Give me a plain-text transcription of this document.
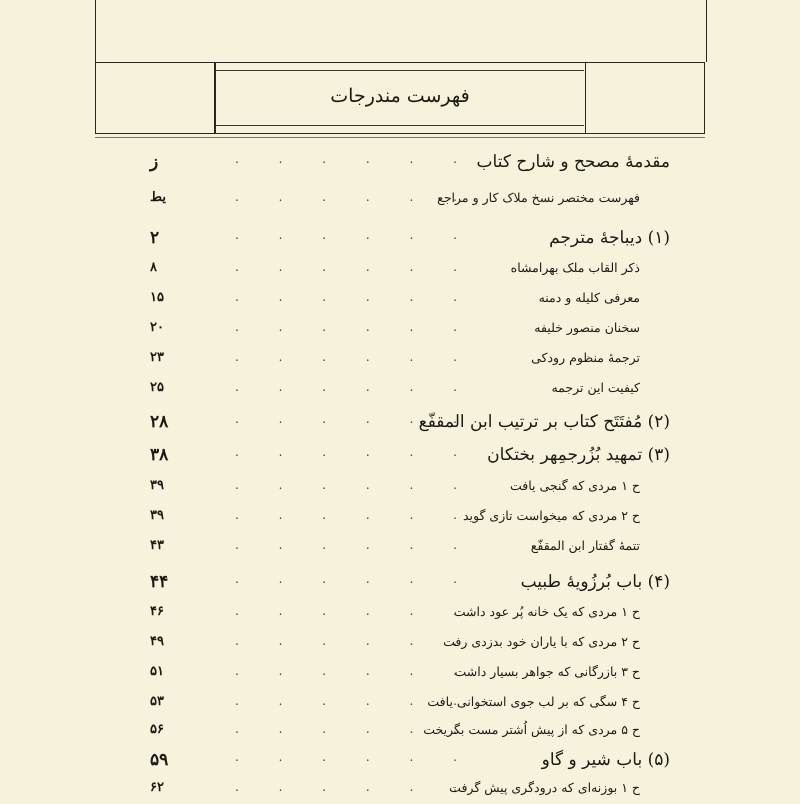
فهرست مندرجات
مقدمهٔ مصحح و شارح کتاب
. . . . . .
ز
فهرست مختصر نسخ ملاک کار و مراجع
. . . . . .
یط
(۱) دیباجهٔ مترجم
. . . . . .
۲
ذکر القاب ملک بهرامشاه
. . . . . .
۸
معرفی کلیله و دمنه
. . . . . .
۱۵
سخنان منصور خلیفه
. . . . . .
۲۰
ترجمهٔ منظوم رودکی
. . . . . .
۲۳
کیفیت این ترجمه
. . . . . .
۲۵
(۲) مُفتَتَح کتاب بر ترتیب ابن المقفّع
. . . . . .
۲۸
(۳) تمهید بُزُرجمِهر بختکان
. . . . . .
۳۸
ح ۱ مردی که گنجی یافت
. . . . . .
۳۹
ح ۲ مردی که میخواست تازی گوید
. . . . . .
۳۹
تتمهٔ گفتار ابن المقفّع
. . . . . .
۴۳
(۴) باب بُرزُویهٔ طبیب
. . . . . .
۴۴
ح ۱ مردی که یک خانه پُر عود داشت
. . . . . .
۴۶
ح ۲ مردی که با یاران خود بدزدی رفت
. . . . . .
۴۹
ح ۳ بازرگانی که جواهر بسیار داشت
. . . . . .
۵۱
ح ۴ سگی که بر لب جوی استخوانی یافت
. . . . . .
۵۳
ح ۵ مردی که از پیش اُشتر مست بگریخت
. . . . . .
۵۶
(۵) باب شیر و گاو
. . . . . .
۵۹
ح ۱ بوزنه‌ای که درودگری پیش گرفت
. . . . . .
۶۲
